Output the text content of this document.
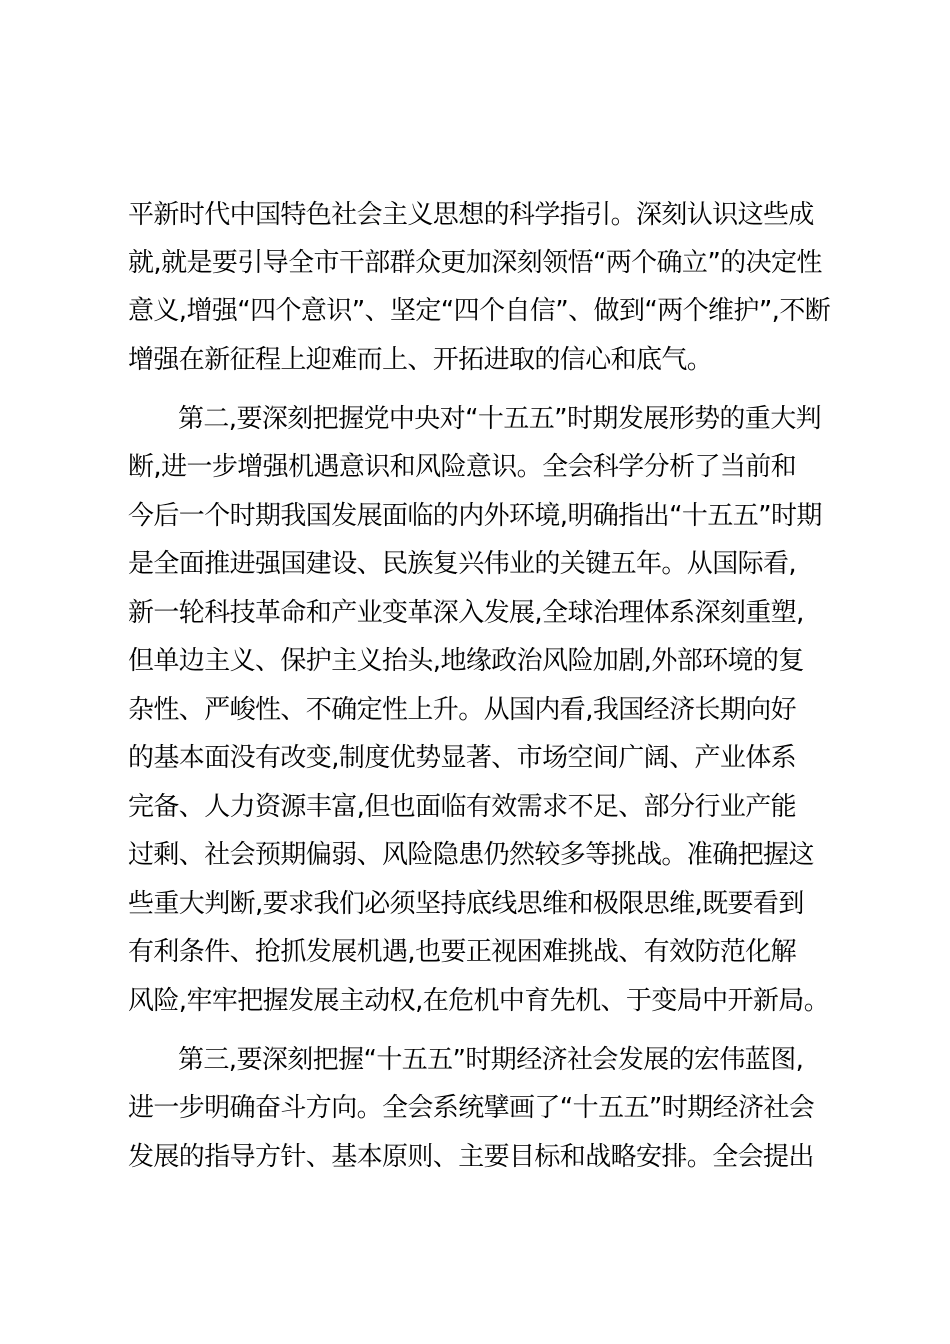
平新时代中国特色社会主义思想的科学指引。深刻认识这些成
就,就是要引导全市干部群众更加深刻领悟“两个确立”的决定性
意义,增强“四个意识”、坚定“四个自信”、做到“两个维护”,不断
增强在新征程上迎难而上、开拓进取的信心和底气。
第二,要深刻把握党中央对“十五五”时期发展形势的重大判
断,进一步增强机遇意识和风险意识。全会科学分析了当前和
今后一个时期我国发展面临的内外环境,明确指出“十五五”时期
是全面推进强国建设、民族复兴伟业的关键五年。从国际看,
新一轮科技革命和产业变革深入发展,全球治理体系深刻重塑,
但单边主义、保护主义抬头,地缘政治风险加剧,外部环境的复
杂性、严峻性、不确定性上升。从国内看,我国经济长期向好
的基本面没有改变,制度优势显著、市场空间广阔、产业体系
完备、人力资源丰富,但也面临有效需求不足、部分行业产能
过剩、社会预期偏弱、风险隐患仍然较多等挑战。准确把握这
些重大判断,要求我们必须坚持底线思维和极限思维,既要看到
有利条件、抢抓发展机遇,也要正视困难挑战、有效防范化解
风险,牢牢把握发展主动权,在危机中育先机、于变局中开新局。
第三,要深刻把握“十五五”时期经济社会发展的宏伟蓝图,
进一步明确奋斗方向。全会系统擘画了“十五五”时期经济社会
发展的指导方针、基本原则、主要目标和战略安排。全会提出
